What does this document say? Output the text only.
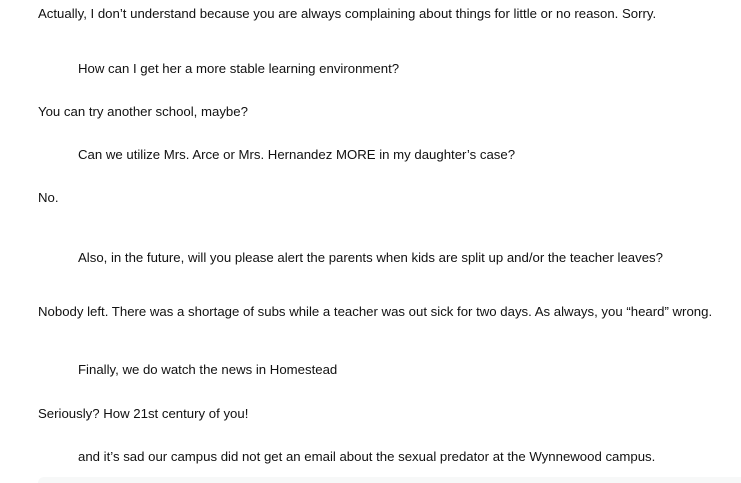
Actually, I don’t understand because you are always complaining about things for little or no reason. Sorry.
How can I get her a more stable learning environment?
You can try another school, maybe?
Can we utilize Mrs. Arce or Mrs. Hernandez MORE in my daughter’s case?
No.
Also, in the future, will you please alert the parents when kids are split up and/or the teacher leaves?
Nobody left. There was a shortage of subs while a teacher was out sick for two days. As always, you “heard” wrong.
Finally, we do watch the news in Homestead
Seriously? How 21st century of you!
and it’s sad our campus did not get an email about the sexual predator at the Wynnewood campus.
